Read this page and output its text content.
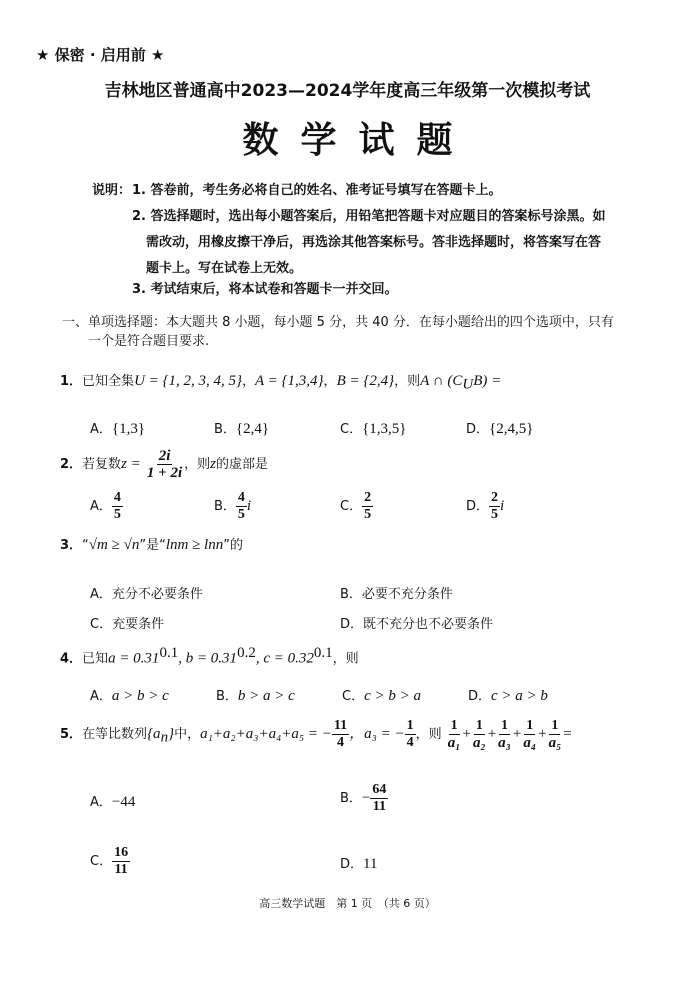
★ 保密 · 启用前 ★
吉林地区普通高中2023—2024学年度高三年级第一次模拟考试
数学试题
说明： 1. 答卷前，考生务必将自己的姓名、准考证号填写在答题卡上。
2. 答选择题时，选出每小题答案后，用铅笔把答题卡对应题目的答案标号涂黑。如
需改动，用橡皮擦干净后，再选涂其他答案标号。答非选择题时，将答案写在答
题卡上。写在试卷上无效。
3. 考试结束后，将本试卷和答题卡一并交回。
一、单项选择题：本大题共 8 小题，每小题 5 分，共 40 分．在每小题给出的四个选项中，只有
一个是符合题目要求.
1．已知全集U = {1, 2, 3, 4, 5}，A = {1,3,4}，B = {2,4}，则A ∩ $(C_UB)$ =
A．{1,3}	B．{2,4}	C．{1,3,5}	D．{2,4,5}
2．若复数$z = \frac{2i}{1 + 2i}$ ，则z的虚部是
A． $\frac{4}{5}$	B． $\frac{4}{5}$ i	C． $\frac{2}{5}$	D． $\frac{2}{5}$ i
3．“√m ≥ √n”是“lnm ≥ lnn”的
A．充分不必要条件	B．必要不充分条件
C．充要条件	D．既不充分也不必要条件
4．已知$a = 0.31^{0.1}$, $b = 0.31^{0.2}$, $c = 0.32^{0.1}$，则
A．a > b > c	B．b > a > c	C．c > b > a	D．c > a > b
5．在等比数列$\{a_n\}$中，a₁+a₂+a₃+a₄+a₅ = − $\frac{11}{4}$ ，a₃ = − $\frac{1}{4}$ ，则 $\frac{1}{\text{a₁}} + \frac{1}{\text{a₂}} + \frac{1}{\text{a₃}} + \frac{1}{\text{a₄}} + \frac{1}{\text{a₅}}$ =
A．−44	B．− $\frac{64}{11}$
C． $\frac{16}{11}$	D．11
高三数学试题　第 1 页　（共 6 页）
